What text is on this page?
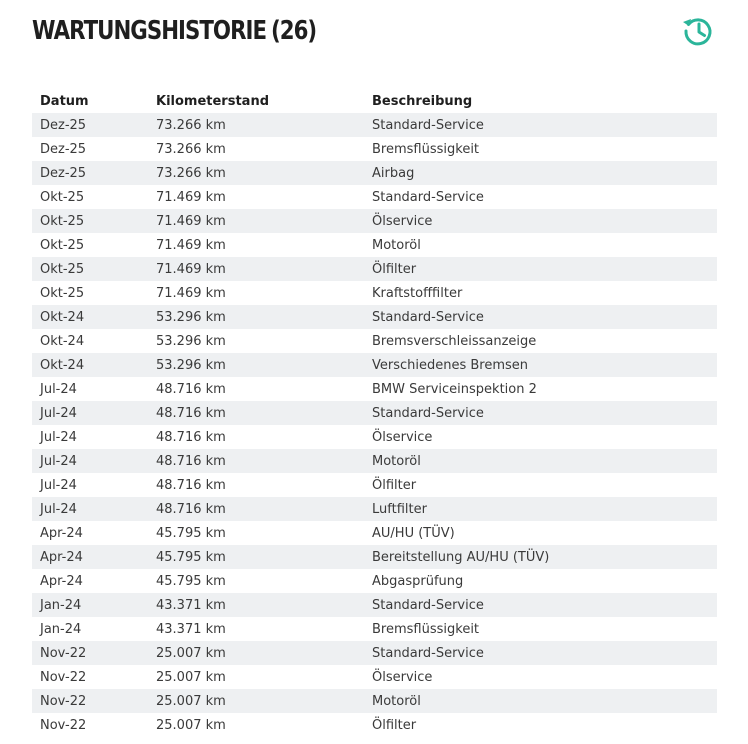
WARTUNGSHISTORIE (26)
Datum	Kilometerstand	Beschreibung
Dez-25	73.266 km	Standard-Service
Dez-25	73.266 km	Bremsflüssigkeit
Dez-25	73.266 km	Airbag
Okt-25	71.469 km	Standard-Service
Okt-25	71.469 km	Ölservice
Okt-25	71.469 km	Motoröl
Okt-25	71.469 km	Ölfilter
Okt-25	71.469 km	Kraftstofffilter
Okt-24	53.296 km	Standard-Service
Okt-24	53.296 km	Bremsverschleissanzeige
Okt-24	53.296 km	Verschiedenes Bremsen
Jul-24	48.716 km	BMW Serviceinspektion 2
Jul-24	48.716 km	Standard-Service
Jul-24	48.716 km	Ölservice
Jul-24	48.716 km	Motoröl
Jul-24	48.716 km	Ölfilter
Jul-24	48.716 km	Luftfilter
Apr-24	45.795 km	AU/HU (TÜV)
Apr-24	45.795 km	Bereitstellung AU/HU (TÜV)
Apr-24	45.795 km	Abgasprüfung
Jan-24	43.371 km	Standard-Service
Jan-24	43.371 km	Bremsflüssigkeit
Nov-22	25.007 km	Standard-Service
Nov-22	25.007 km	Ölservice
Nov-22	25.007 km	Motoröl
Nov-22	25.007 km	Ölfilter
